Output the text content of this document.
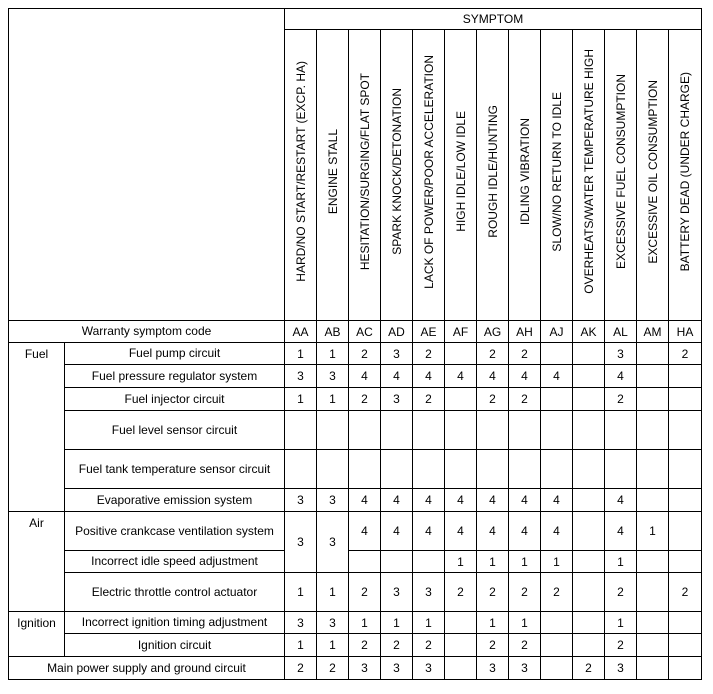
		SYMPTOM												
		HARD/NO START/RESTART (EXCP. HA)	ENGINE STALL	HESITATION/SURGING/FLAT SPOT	SPARK KNOCK/DETONATION	LACK OF POWER/POOR ACCELERATION	HIGH IDLE/LOW IDLE	ROUGH IDLE/HUNTING	IDLING VIBRATION	SLOW/NO RETURN TO IDLE	OVERHEATS/WATER TEMPERATURE HIGH	EXCESSIVE FUEL CONSUMPTION	EXCESSIVE OIL CONSUMPTION	BATTERY DEAD (UNDER CHARGE)
Warranty symptom code		AA	AB	AC	AD	AE	AF	AG	AH	AJ	AK	AL	AM	HA
Fuel	Fuel pump circuit	1	1	2	3	2		2	2			3		2
	Fuel pressure regulator system	3	3	4	4	4	4	4	4	4		4		
	Fuel injector circuit	1	1	2	3	2		2	2			2		
	Fuel level sensor circuit													
	Fuel tank temperature sensor circuit													
	Evaporative emission system	3	3	4	4	4	4	4	4	4		4		
Air	Positive crankcase ventilation system	3	3	4	4	4	4	4	4	4		4	1	
	Incorrect idle speed adjustment						1	1	1	1		1		
	Electric throttle control actuator	1	1	2	3	3	2	2	2	2		2		2
Ignition	Incorrect ignition timing adjustment	3	3	1	1	1		1	1			1		
	Ignition circuit	1	1	2	2	2		2	2			2		
Main power supply and ground circuit		2	2	3	3	3		3	3		2	3		
